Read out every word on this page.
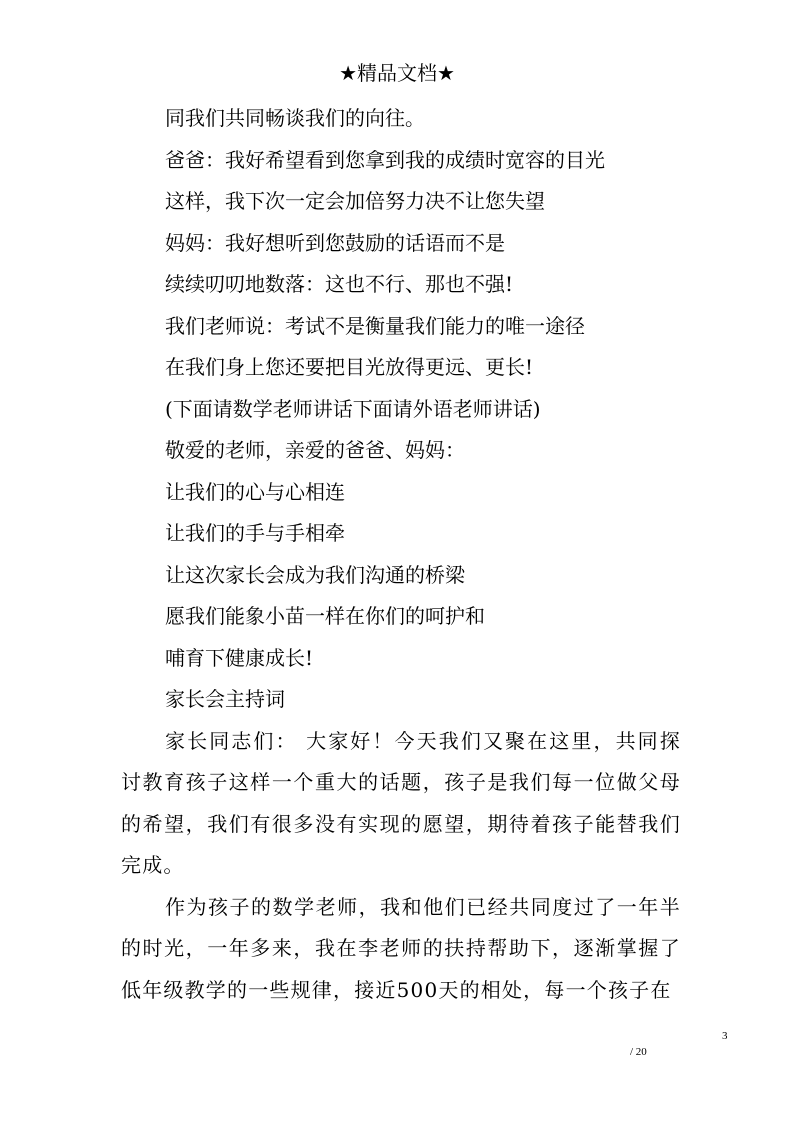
★精品文档★

同我们共同畅谈我们的向往。

爸爸：我好希望看到您拿到我的成绩时宽容的目光

这样，我下次一定会加倍努力决不让您失望

妈妈：我好想听到您鼓励的话语而不是

续续叨叨地数落：这也不行、那也不强!

我们老师说：考试不是衡量我们能力的唯一途径

在我们身上您还要把目光放得更远、更长!

(下面请数学老师讲话下面请外语老师讲话)

敬爱的老师，亲爱的爸爸、妈妈：

让我们的心与心相连

让我们的手与手相牵

让这次家长会成为我们沟通的桥梁

愿我们能象小苗一样在你们的呵护和

哺育下健康成长!

家长会主持词

家长同志们： 大家好！今天我们又聚在这里，共同探讨教育孩子这样一个重大的话题，孩子是我们每一位做父母的希望，我们有很多没有实现的愿望，期待着孩子能替我们完成。

作为孩子的数学老师，我和他们已经共同度过了一年半的时光，一年多来，我在李老师的扶持帮助下，逐渐掌握了低年级教学的一些规律，接近500天的相处，每一个孩子在

3
/ 20
